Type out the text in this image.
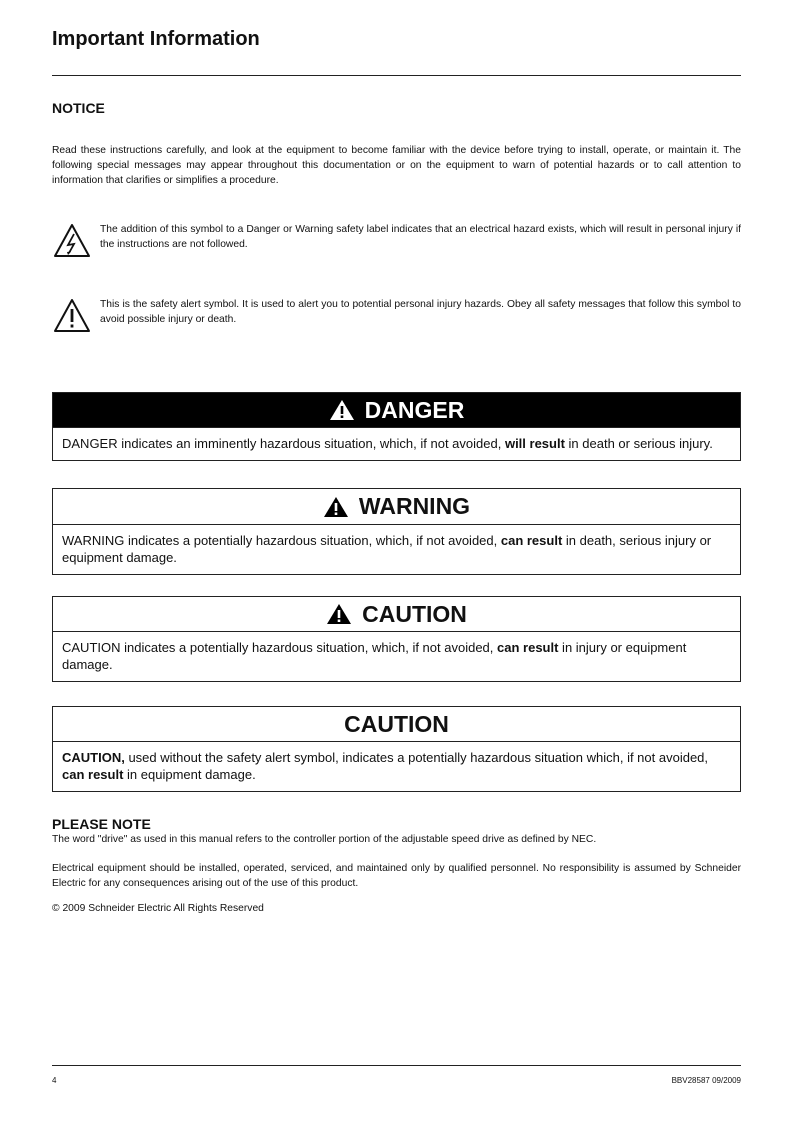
Important Information
NOTICE
Read these instructions carefully, and look at the equipment to become familiar with the device before trying to install, operate, or maintain it. The following special messages may appear throughout this documentation or on the equipment to warn of potential hazards or to call attention to information that clarifies or simplifies a procedure.
The addition of this symbol to a Danger or Warning safety label indicates that an electrical hazard exists, which will result in personal injury if the instructions are not followed.
This is the safety alert symbol. It is used to alert you to potential personal injury hazards. Obey all safety messages that follow this symbol to avoid possible injury or death.
DANGER
DANGER indicates an imminently hazardous situation, which, if not avoided, will result in death or serious injury.
WARNING
WARNING indicates a potentially hazardous situation, which, if not avoided, can result in death, serious injury or equipment damage.
CAUTION
CAUTION indicates a potentially hazardous situation, which, if not avoided, can result in injury or equipment damage.
CAUTION
CAUTION, used without the safety alert symbol, indicates a potentially hazardous situation which, if not avoided, can result in equipment damage.
PLEASE NOTE
The word "drive" as used in this manual refers to the controller portion of the adjustable speed drive as defined by NEC.
Electrical equipment should be installed, operated, serviced, and maintained only by qualified personnel. No responsibility is assumed by Schneider Electric for any consequences arising out of the use of this product.
© 2009 Schneider Electric All Rights Reserved
4	BBV28587 09/2009
